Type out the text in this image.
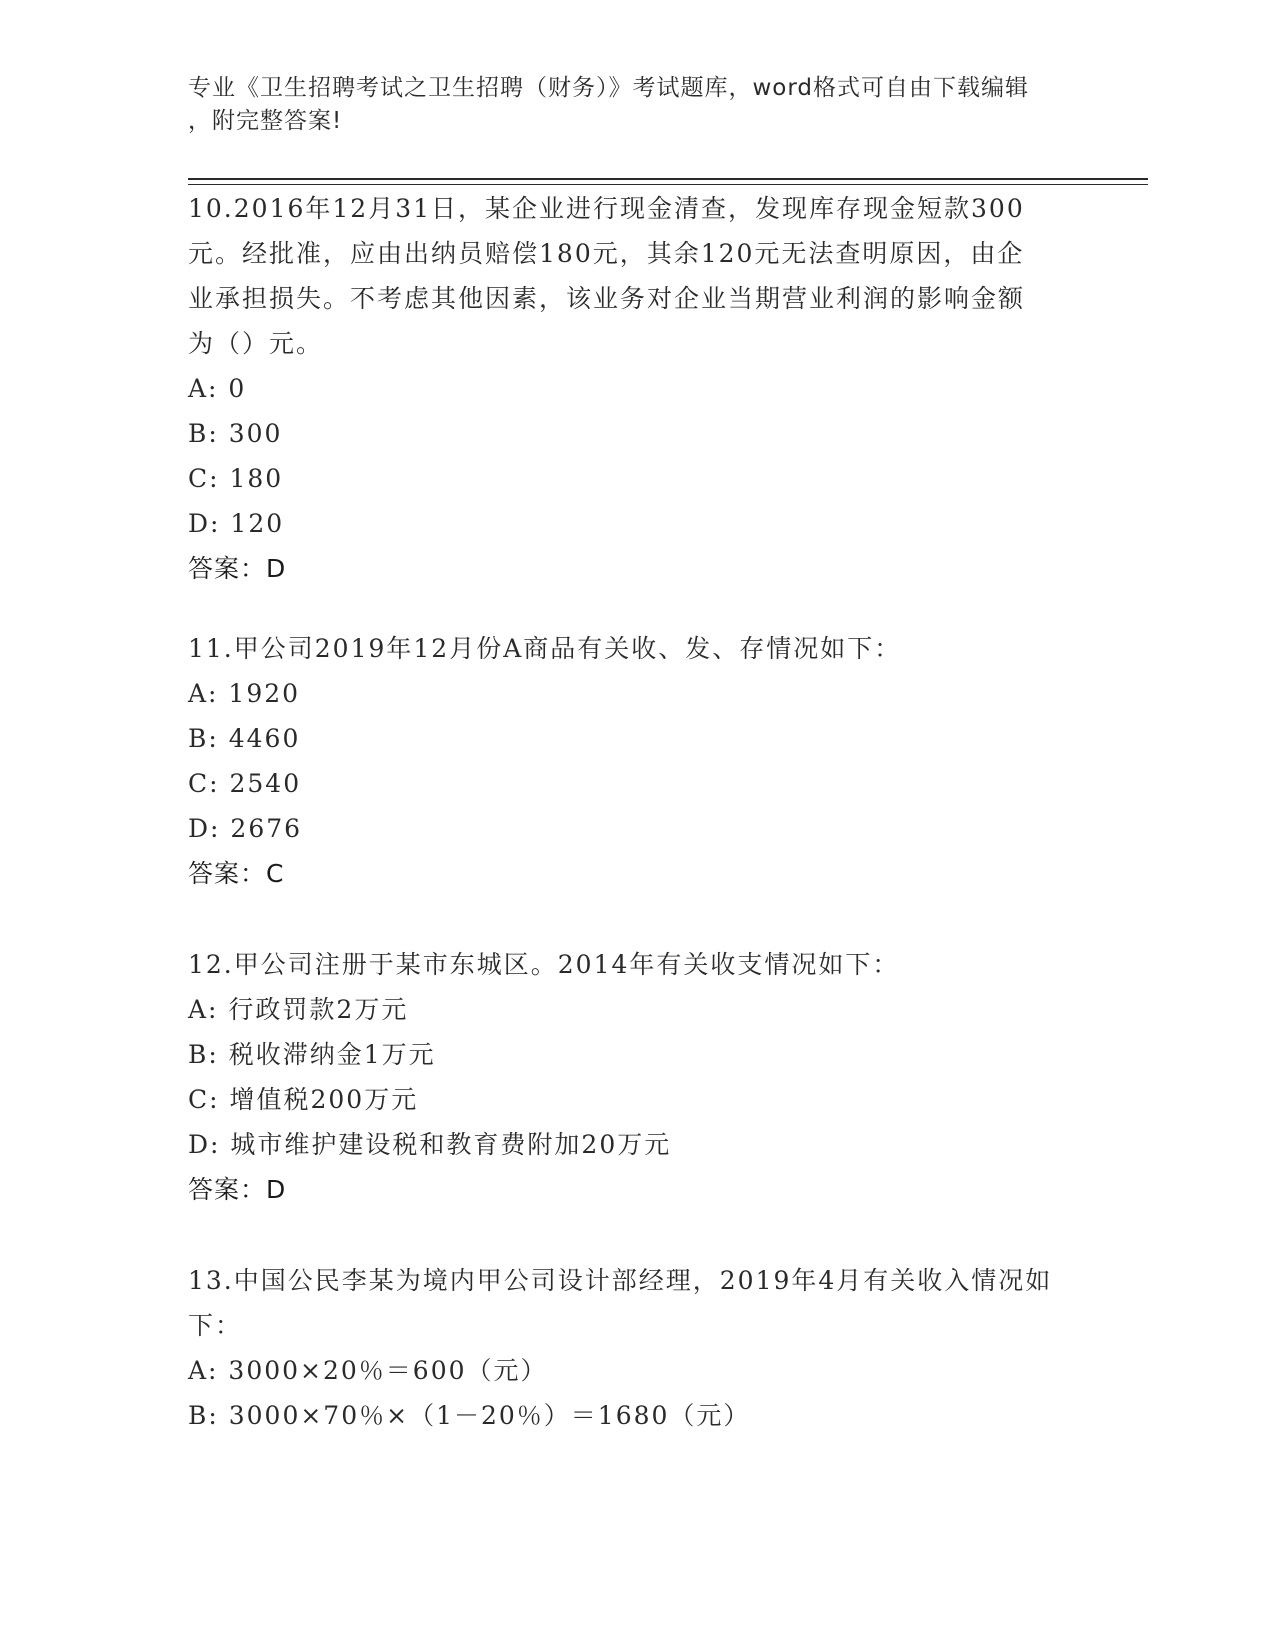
专业《卫生招聘考试之卫生招聘（财务）》考试题库，word格式可自由下载编辑
，附完整答案!

10.2016年12月31日，某企业进行现金清查，发现库存现金短款300元。经批准，应由出纳员赔偿180元，其余120元无法查明原因，由企业承担损失。不考虑其他因素，该业务对企业当期营业利润的影响金额为（）元。

A: 0

B: 300

C: 180

D: 120

答案：D

11.甲公司2019年12月份A商品有关收、发、存情况如下：

A: 1920

B: 4460

C: 2540

D: 2676

答案：C

12.甲公司注册于某市东城区。2014年有关收支情况如下：

A: 行政罚款2万元

B: 税收滞纳金1万元

C: 增值税200万元

D: 城市维护建设税和教育费附加20万元

答案：D

13.中国公民李某为境内甲公司设计部经理，2019年4月有关收入情况如下：

A: 3000×20％＝600（元）

B: 3000×70％×（1－20％）＝1680（元）
